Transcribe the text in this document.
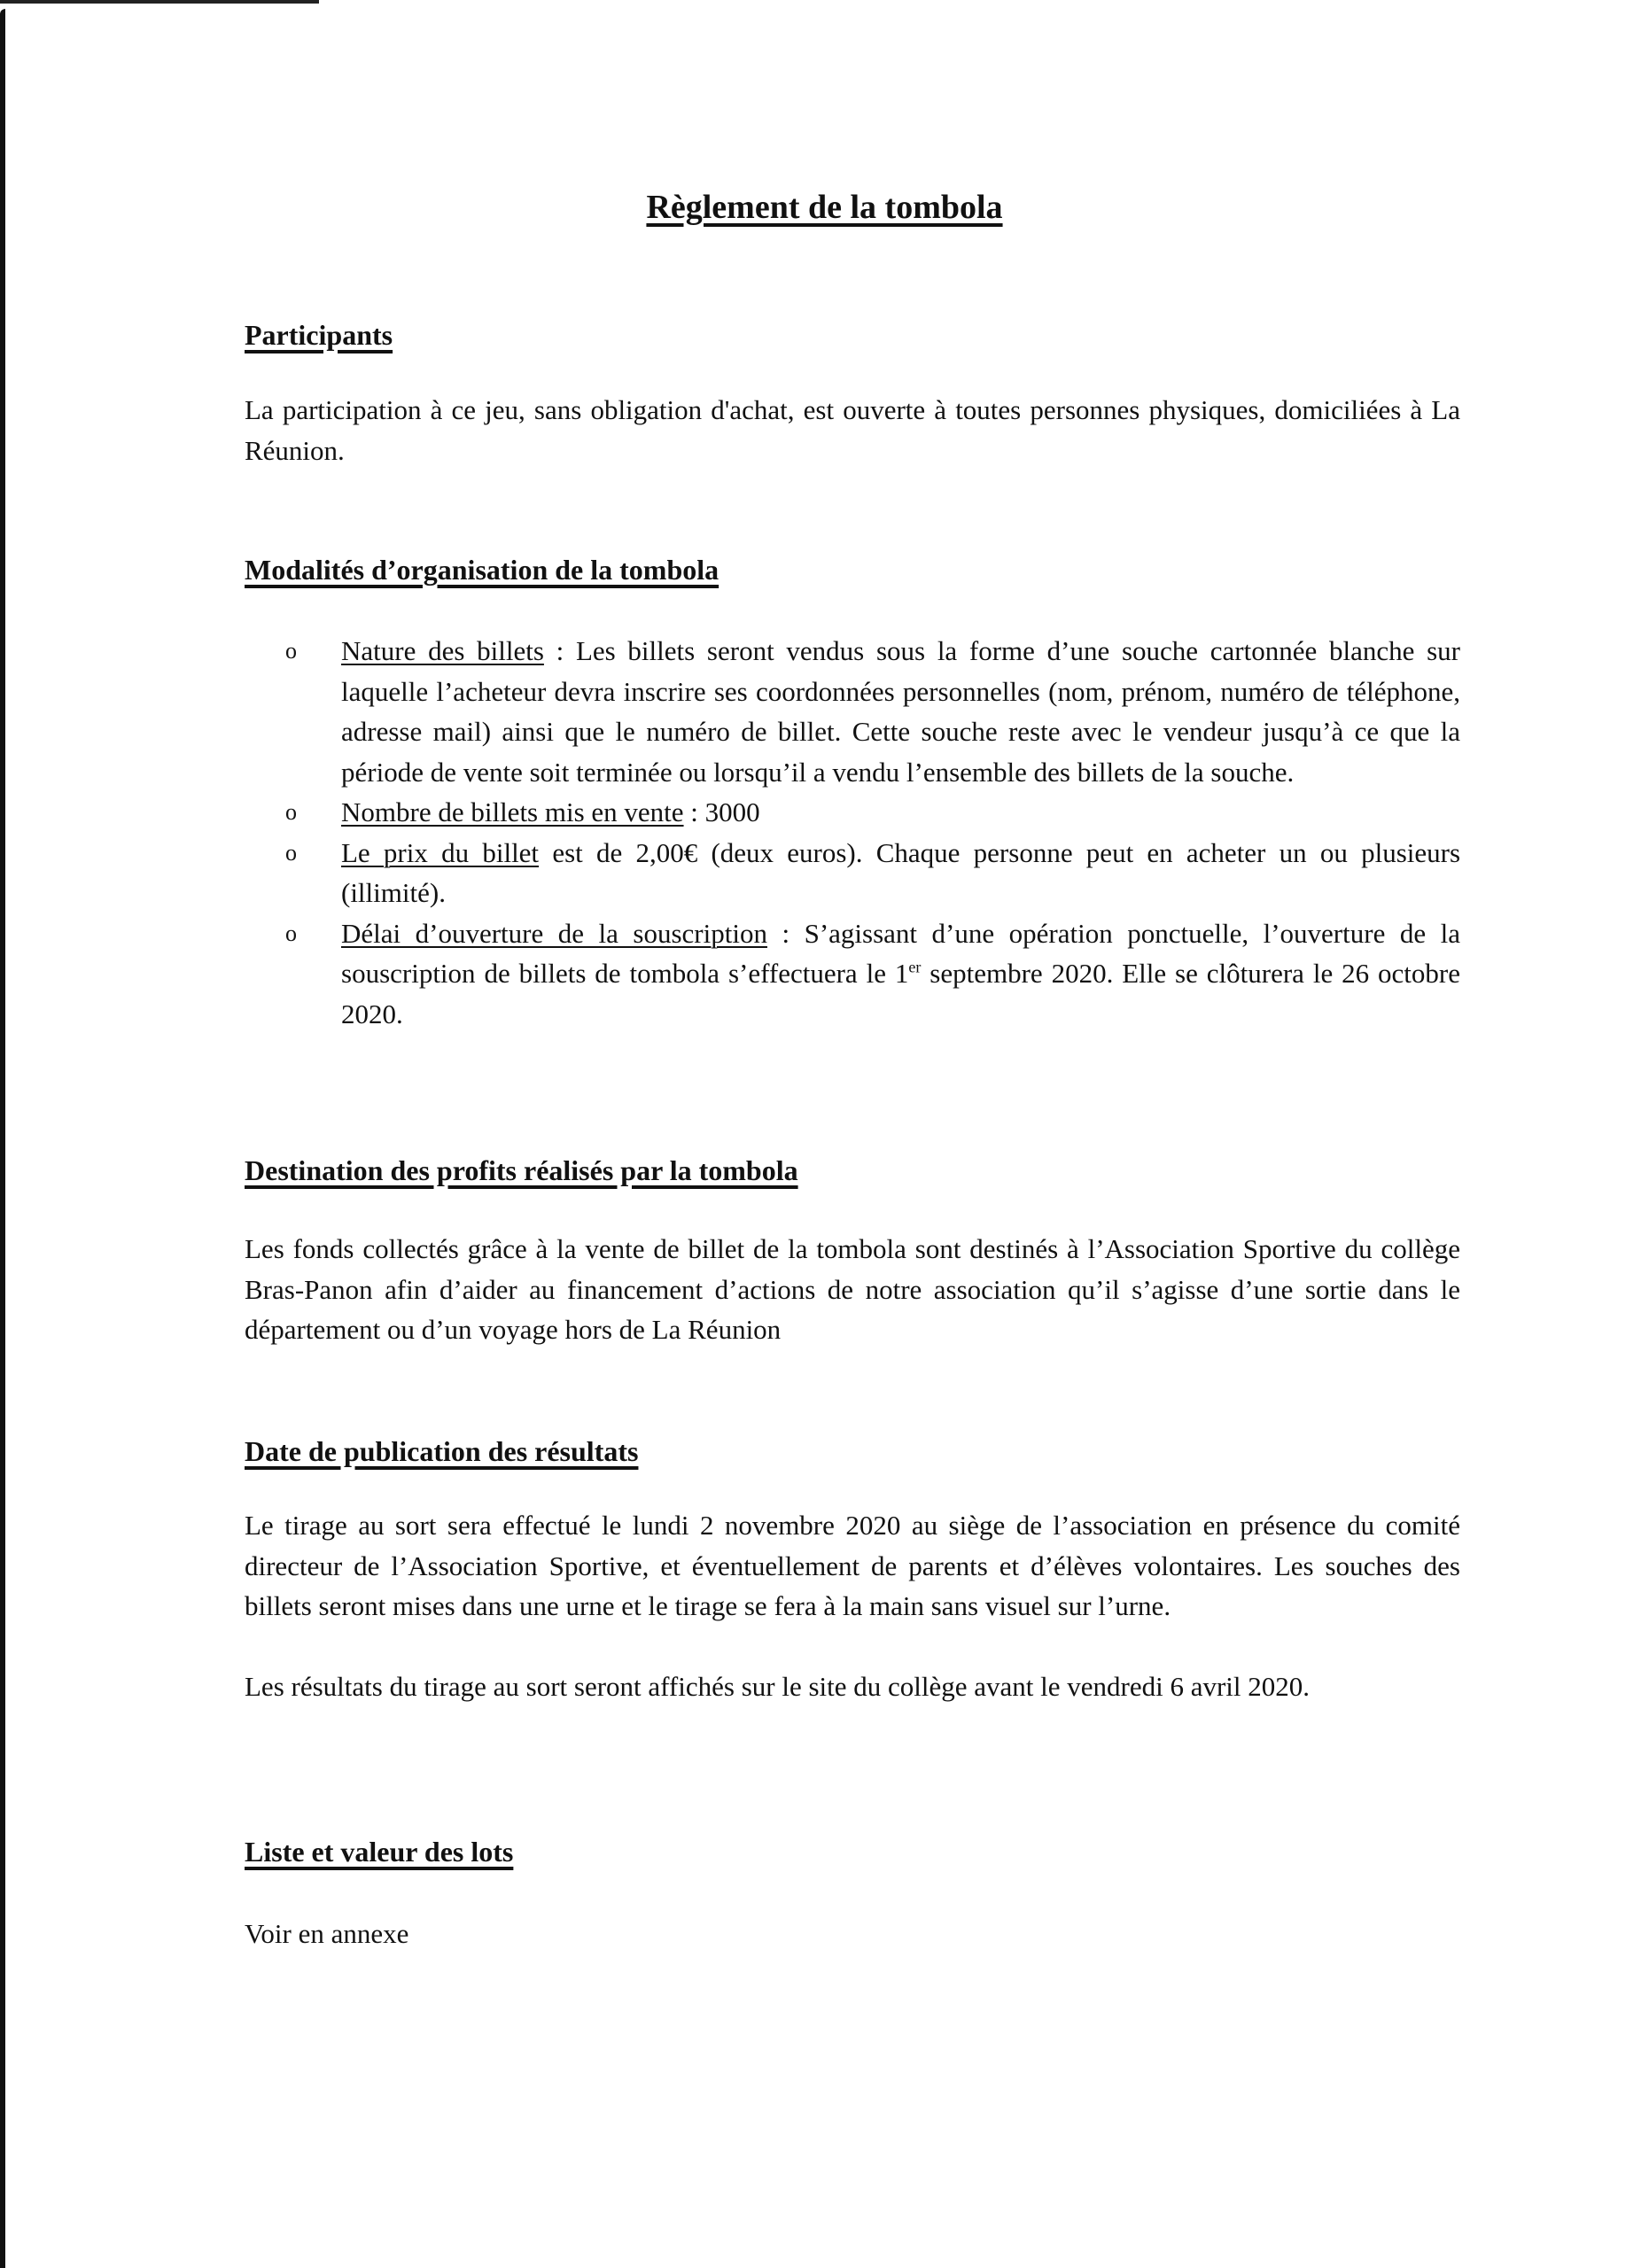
Règlement de la tombola
Participants
La participation à ce jeu, sans obligation d'achat, est ouverte à toutes personnes physiques, domiciliées à La Réunion.
Modalités d’organisation de la tombola
o Nature des billets : Les billets seront vendus sous la forme d’une souche cartonnée blanche sur laquelle l’acheteur devra inscrire ses coordonnées personnelles (nom, prénom, numéro de téléphone, adresse mail) ainsi que le numéro de billet. Cette souche reste avec le vendeur jusqu’à ce que la période de vente soit terminée ou lorsqu’il a vendu l’ensemble des billets de la souche.
o Nombre de billets mis en vente : 3000
o Le prix du billet est de 2,00€ (deux euros). Chaque personne peut en acheter un ou plusieurs (illimité).
o Délai d’ouverture de la souscription : S’agissant d’une opération ponctuelle, l’ouverture de la souscription de billets de tombola s’effectuera le 1er septembre 2020. Elle se clôturera le 26 octobre 2020.
Destination des profits réalisés par la tombola
Les fonds collectés grâce à la vente de billet de la tombola sont destinés à l’Association Sportive du collège Bras-Panon afin d’aider au financement d’actions de notre association qu’il s’agisse d’une sortie dans le département ou d’un voyage hors de La Réunion
Date de publication des résultats
Le tirage au sort sera effectué le lundi 2 novembre 2020 au siège de l’association en présence du comité directeur de l’Association Sportive, et éventuellement de parents et d’élèves volontaires. Les souches des billets seront mises dans une urne et le tirage se fera à la main sans visuel sur l’urne.
Les résultats du tirage au sort seront affichés sur le site du collège avant le vendredi 6 avril 2020.
Liste et valeur des lots
Voir en annexe
